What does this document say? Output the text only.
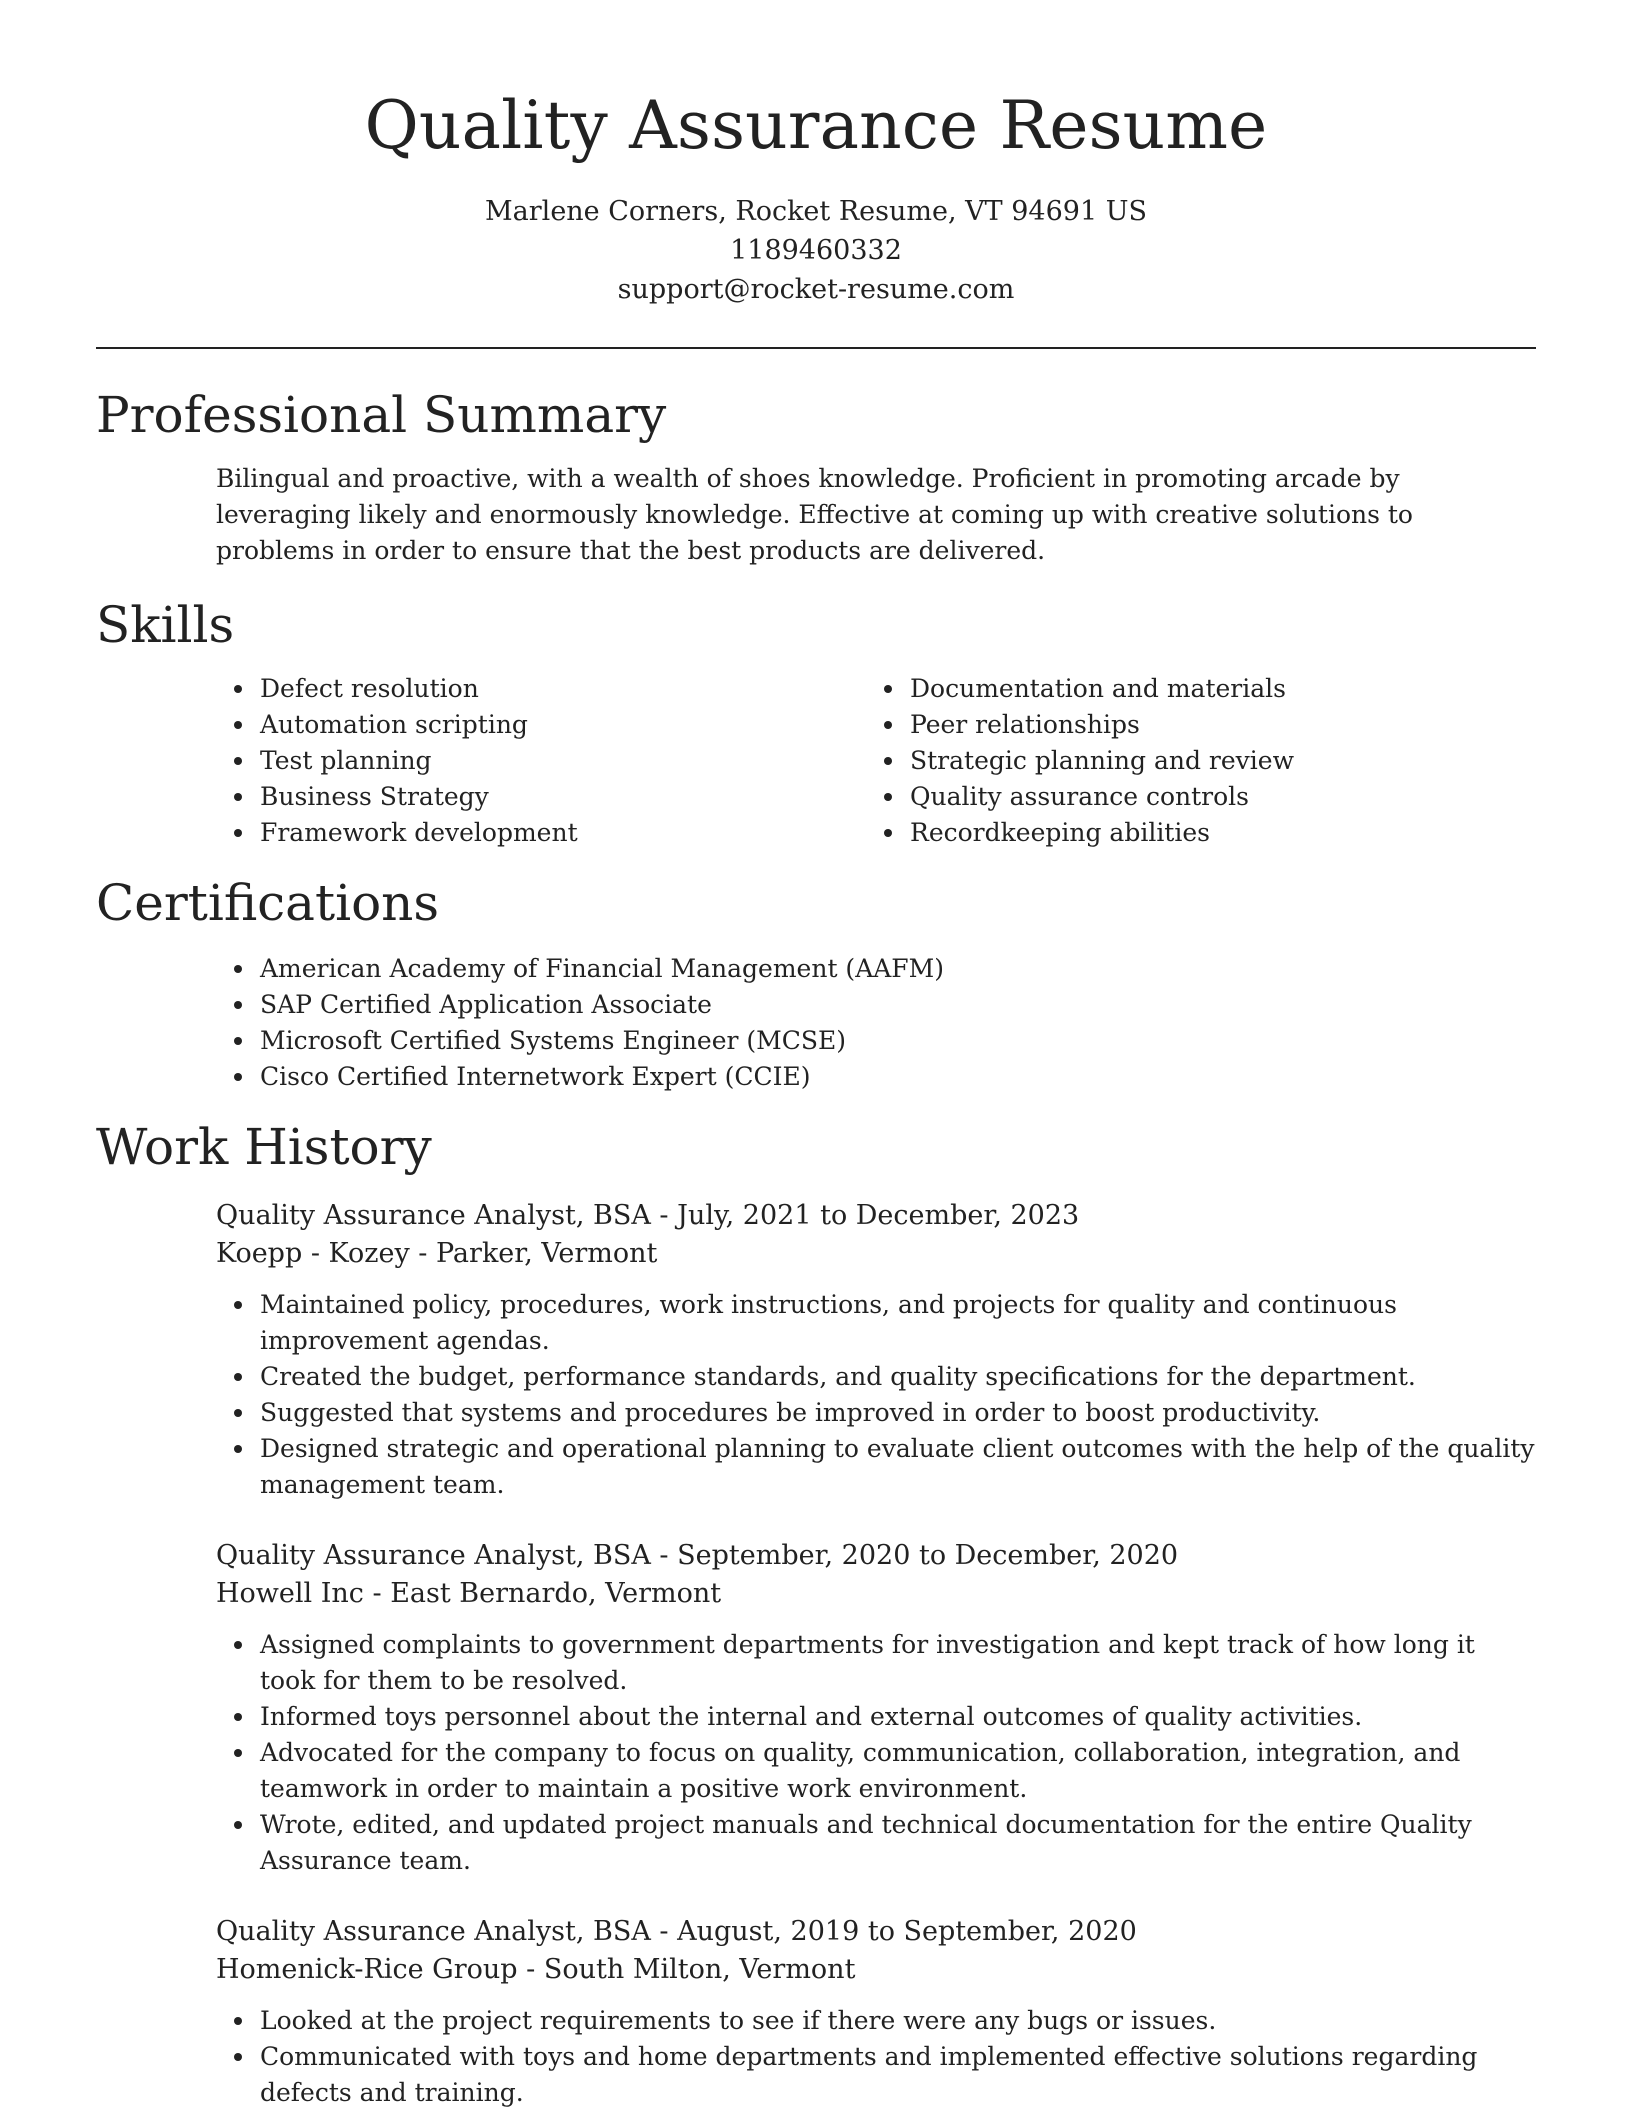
Quality Assurance Resume
Marlene Corners, Rocket Resume, VT 94691 US
1189460332
support@rocket-resume.com
Professional Summary

Bilingual and proactive, with a wealth of shoes knowledge. Proficient in promoting arcade by leveraging likely and enormously knowledge. Effective at coming up with creative solutions to problems in order to ensure that the best products are delivered.

Skills
Defect resolution
Automation scripting
Test planning
Business Strategy
Framework development
Documentation and materials
Peer relationships
Strategic planning and review
Quality assurance controls
Recordkeeping abilities
Certifications
American Academy of Financial Management (AAFM)
SAP Certified Application Associate
Microsoft Certified Systems Engineer (MCSE)
Cisco Certified Internetwork Expert (CCIE)
Work History
Quality Assurance Analyst, BSA - July, 2021 to December, 2023
Koepp - Kozey - Parker, Vermont
Maintained policy, procedures, work instructions, and projects for quality and continuous improvement agendas.
Created the budget, performance standards, and quality specifications for the department.
Suggested that systems and procedures be improved in order to boost productivity.
Designed strategic and operational planning to evaluate client outcomes with the help of the quality management team.
Quality Assurance Analyst, BSA - September, 2020 to December, 2020
Howell Inc - East Bernardo, Vermont
Assigned complaints to government departments for investigation and kept track of how long it took for them to be resolved.
Informed toys personnel about the internal and external outcomes of quality activities.
Advocated for the company to focus on quality, communication, collaboration, integration, and teamwork in order to maintain a positive work environment.
Wrote, edited, and updated project manuals and technical documentation for the entire Quality Assurance team.
Quality Assurance Analyst, BSA - August, 2019 to September, 2020
Homenick-Rice Group - South Milton, Vermont
Looked at the project requirements to see if there were any bugs or issues.
Communicated with toys and home departments and implemented effective solutions regarding defects and training.
